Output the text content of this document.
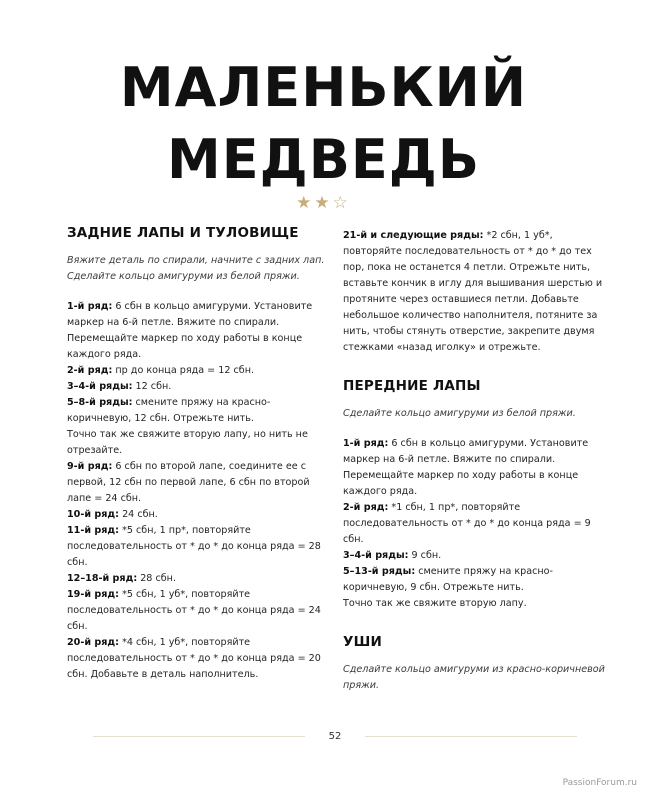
МАЛЕНЬКИЙ
МЕДВЕДЬ
★★☆
ЗАДНИЕ ЛАПЫ И ТУЛОВИЩЕ

Вяжите деталь по спирали, начните с задних лап. Сделайте кольцо амигуруми из белой пряжи.

1-й ряд: 6 сбн в кольцо амигуруми. Установите маркер на 6-й петле. Вяжите по спирали. Перемещайте маркер по ходу работы в конце каждого ряда.

2-й ряд: пр до конца ряда = 12 сбн.

3–4-й ряды: 12 сбн.

5–8-й ряды: смените пряжу на красно-коричневую, 12 сбн. Отрежьте нить.

Точно так же свяжите вторую лапу, но нить не отрезайте.

9-й ряд: 6 сбн по второй лапе, соедините ее с первой, 12 сбн по первой лапе, 6 сбн по второй лапе = 24 сбн.

10-й ряд: 24 сбн.

11-й ряд: *5 сбн, 1 пр*, повторяйте последовательность от * до * до конца ряда = 28 сбн.

12–18-й ряд: 28 сбн.

19-й ряд: *5 сбн, 1 уб*, повторяйте последовательность от * до * до конца ряда = 24 сбн.

20-й ряд: *4 сбн, 1 уб*, повторяйте последовательность от * до * до конца ряда = 20 сбн. Добавьте в деталь наполнитель.

21-й и следующие ряды: *2 сбн, 1 уб*, повторяйте последовательность от * до * до тех пор, пока не останется 4 петли. Отрежьте нить, вставьте кончик в иглу для вышивания шерстью и протяните через оставшиеся петли. Добавьте небольшое количество наполнителя, потяните за нить, чтобы стянуть отверстие, закрепите двумя стежками «назад иголку» и отрежьте.

ПЕРЕДНИЕ ЛАПЫ

Сделайте кольцо амигуруми из белой пряжи.

1-й ряд: 6 сбн в кольцо амигуруми. Установите маркер на 6-й петле. Вяжите по спирали. Перемещайте маркер по ходу работы в конце каждого ряда.

2-й ряд: *1 сбн, 1 пр*, повторяйте последовательность от * до * до конца ряда = 9 сбн.

3–4-й ряды: 9 сбн.

5–13-й ряды: смените пряжу на красно-коричневую, 9 сбн. Отрежьте нить.

Точно так же свяжите вторую лапу.

УШИ

Сделайте кольцо амигуруми из красно-коричневой пряжи.

52
PassionForum.ru
